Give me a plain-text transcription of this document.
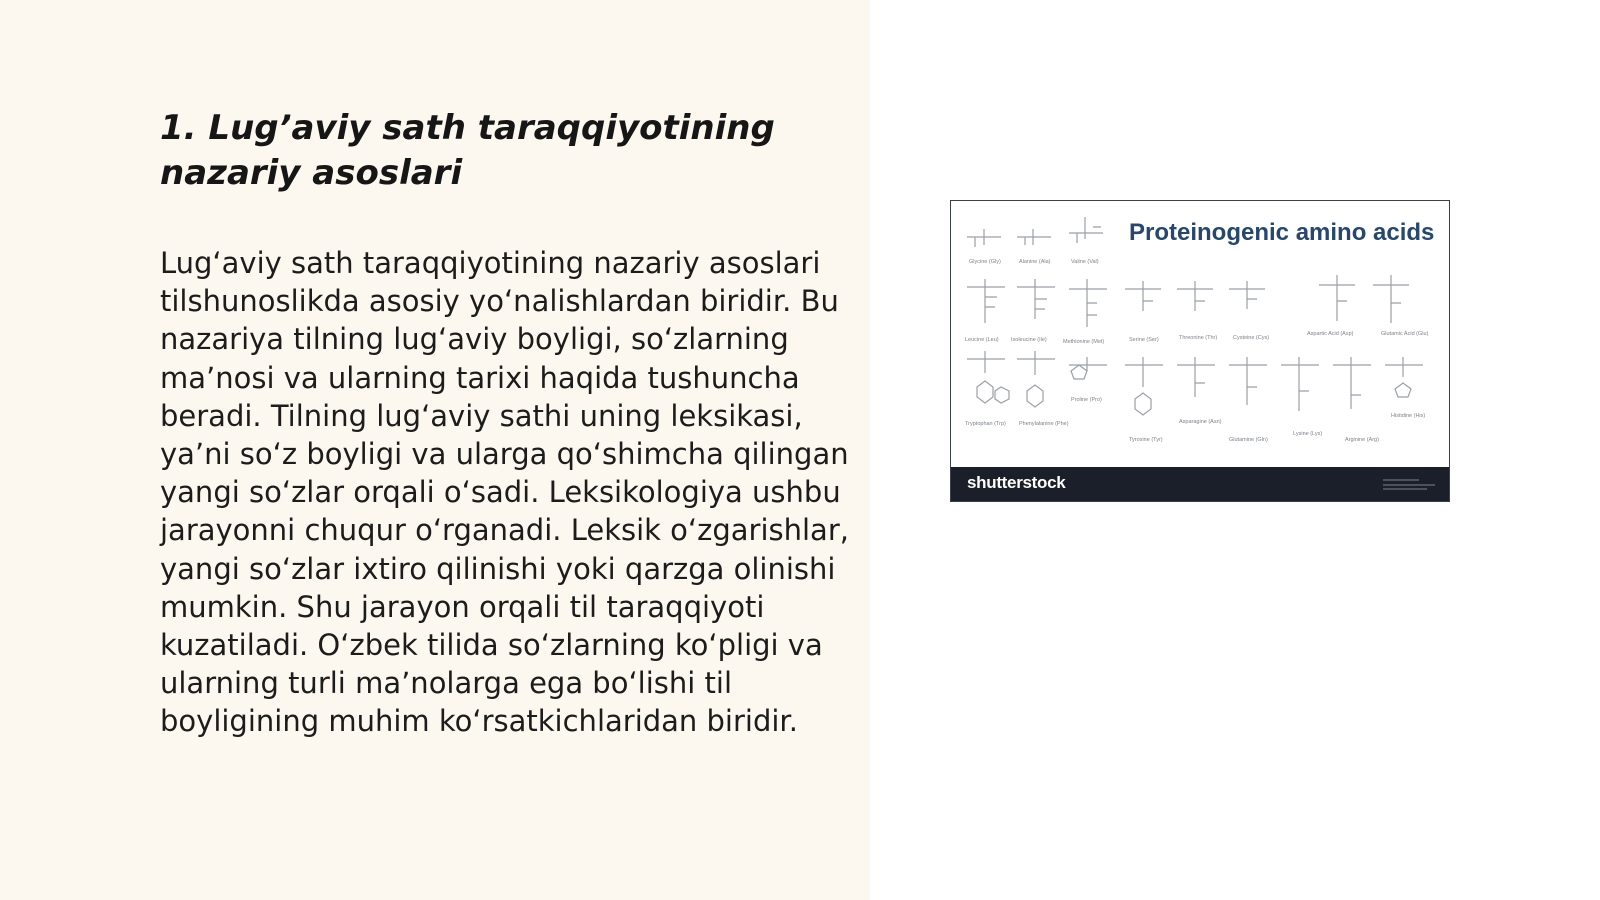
1. Lug’aviy sath taraqqiyotining nazariy asoslari

Lug‘aviy sath taraqqiyotining nazariy asoslari tilshunoslikda asosiy yo‘nalishlardan biridir. Bu nazariya tilning lug‘aviy boyligi, so‘zlarning ma’nosi va ularning tarixi haqida tushuncha beradi. Tilning lug‘aviy sathi uning leksikasi, ya’ni so‘z boyligi va ularga qo‘shimcha qilingan yangi so‘zlar orqali o‘sadi. Leksikologiya ushbu jarayonni chuqur o‘rganadi. Leksik o‘zgarishlar, yangi so‘zlar ixtiro qilinishi yoki qarzga olinishi mumkin. Shu jarayon orqali til taraqqiyoti kuzatiladi. O‘zbek tilida so‘zlarning ko‘pligi va ularning turli ma’nolarga ega bo‘lishi til boyligining muhim ko‘rsatkichlaridan biridir.

Glycine (Gly)	Alanine (Ala)	Valine (Val)
Leucine (Leu) Isoleucine (Ile)	Methionine (Met)	Serine (Ser)	Threonine (Thr)	Cysteine (Cys)
Aspartic Acid (Asp)	Glutamic Acid (Glu)
Tryptophan (Trp) Phenylalanine (Phe)
Proline (Pro)
Tyrosine (Tyr)
Asparagine (Asn)
Glutamine (Gln)
Lysine (Lys)
Arginine (Arg)
Histidine (His)
Proteinogenic amino acids
shutterstock
